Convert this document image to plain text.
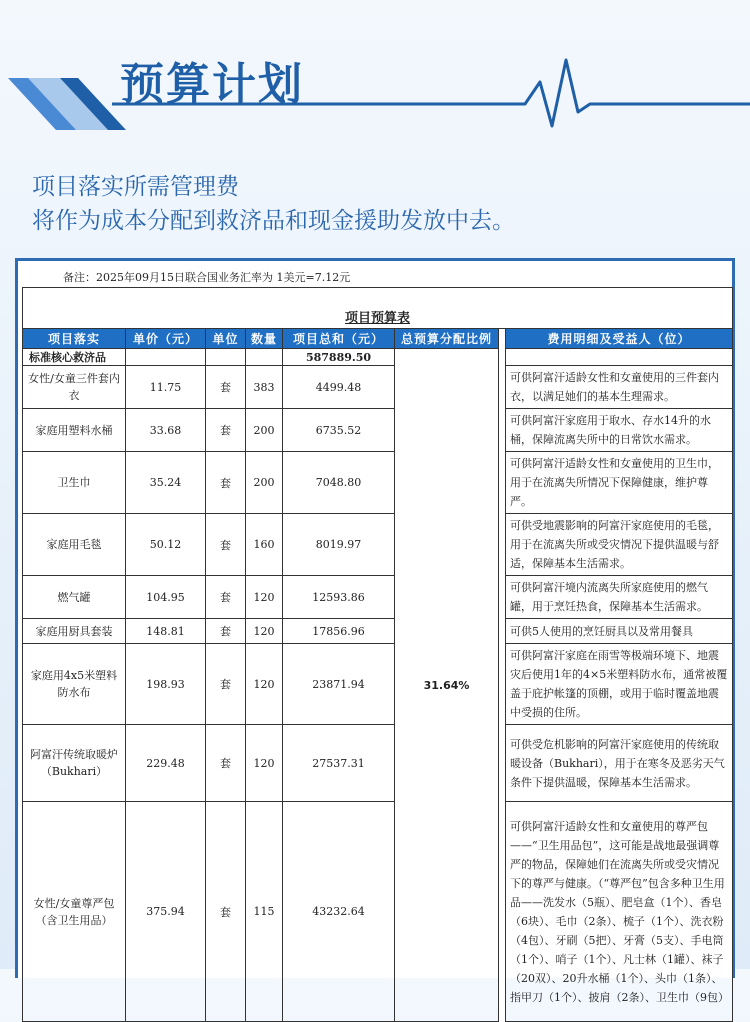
预算计划

项目落实所需管理费

将作为成本分配到救济品和现金援助发放中去。

备注：2025年09月15日联合国业务汇率为 1美元=7.12元
项目预算表							
项目落实	单价（元）	单位	数量	项目总和（元）	总预算分配比例		费用明细及受益人（位）
标准核心救济品				587889.50	31.64%		
女性/女童三件套内衣	11.75	套	383	4499.48			可供阿富汗适龄女性和女童使用的三件套内衣，以满足她们的基本生理需求。
家庭用塑料水桶	33.68	套	200	6735.52			可供阿富汗家庭用于取水、存水14升的水桶，保障流离失所中的日常饮水需求。
卫生巾	35.24	套	200	7048.80			可供阿富汗适龄女性和女童使用的卫生巾，用于在流离失所情况下保障健康，维护尊严。
家庭用毛毯	50.12	套	160	8019.97			可供受地震影响的阿富汗家庭使用的毛毯，用于在流离失所或受灾情况下提供温暖与舒适，保障基本生活需求。
燃气罐	104.95	套	120	12593.86			可供阿富汗境内流离失所家庭使用的燃气罐，用于烹饪热食，保障基本生活需求。
家庭用厨具套装	148.81	套	120	17856.96			可供5人使用的烹饪厨具以及常用餐具
家庭用4x5米塑料防水布	198.93	套	120	23871.94			可供阿富汗家庭在雨雪等极端环境下、地震灾后使用1年的4×5米塑料防水布，通常被覆盖于庇护帐篷的顶棚，或用于临时覆盖地震中受损的住所。
阿富汗传统取暖炉（Bukhari）	229.48	套	120	27537.31			可供受危机影响的阿富汗家庭使用的传统取暖设备（Bukhari），用于在寒冬及恶劣天气条件下提供温暖，保障基本生活需求。
女性/女童尊严包（含卫生用品）	375.94	套	115	43232.64			可供阿富汗适龄女性和女童使用的尊严包——“卫生用品包”，这可能是战地最强调尊严的物品，保障她们在流离失所或受灾情况下的尊严与健康。（“尊严包”包含多种卫生用品——洗发水（5瓶）、肥皂盒（1个）、香皂（6块）、毛巾（2条）、梳子（1个）、洗衣粉（4包）、牙刷（5把）、牙膏（5支）、手电筒（1个）、哨子（1个）、凡士林（1罐）、袜子（20双）、20升水桶（1个）、头巾（1条）、指甲刀（1个）、披肩（2条）、卫生巾（9包）
